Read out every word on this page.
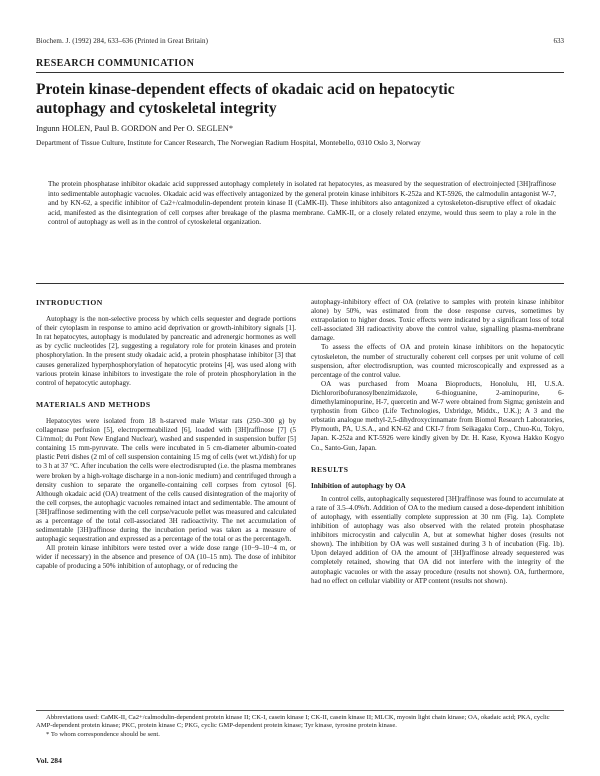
Biochem. J. (1992) 284, 633–636 (Printed in Great Britain)	633
RESEARCH COMMUNICATION
Protein kinase-dependent effects of okadaic acid on hepatocytic autophagy and cytoskeletal integrity
Ingunn HOLEN, Paul B. GORDON and Per O. SEGLEN*
Department of Tissue Culture, Institute for Cancer Research, The Norwegian Radium Hospital, Montebello, 0310 Oslo 3, Norway
The protein phosphatase inhibitor okadaic acid suppressed autophagy completely in isolated rat hepatocytes, as measured by the sequestration of electroinjected [3H]raffinose into sedimentable autophagic vacuoles. Okadaic acid was effectively antagonized by the general protein kinase inhibitors K-252a and KT-5926, the calmodulin antagonist W-7, and by KN-62, a specific inhibitor of Ca2+/calmodulin-dependent protein kinase II (CaMK-II). These inhibitors also antagonized a cytoskeleton-disruptive effect of okadaic acid, manifested as the disintegration of cell corpses after breakage of the plasma membrane. CaMK-II, or a closely related enzyme, would thus seem to play a role in the control of autophagy as well as in the control of cytoskeletal organization.
INTRODUCTION

Autophagy is the non-selective process by which cells sequester and degrade portions of their cytoplasm in response to amino acid deprivation or growth-inhibitory signals [1]. In rat hepatocytes, autophagy is modulated by pancreatic and adrenergic hormones as well as by cyclic nucleotides [2], suggesting a regulatory role for protein kinases and protein phosphorylation. In the present study okadaic acid, a protein phosphatase inhibitor [3] that causes generalized hyperphosphorylation of hepatocytic proteins [4], was used along with various protein kinase inhibitors to investigate the role of protein phosphorylation in the control of hepatocytic autophagy.

MATERIALS AND METHODS

Hepatocytes were isolated from 18 h-starved male Wistar rats (250–300 g) by collagenase perfusion [5], electropermeabilized [6], loaded with [3H]raffinose [7] (5 Ci/mmol; du Pont New England Nuclear), washed and suspended in suspension buffer [5] containing 15 mm-pyruvate. The cells were incubated in 5 cm-diameter albumin-coated plastic Petri dishes (2 ml of cell suspension containing 15 mg of cells (wet wt.)/dish) for up to 3 h at 37 °C. After incubation the cells were electrodisrupted (i.e. the plasma membranes were broken by a high-voltage discharge in a non-ionic medium) and centrifuged through a density cushion to separate the organelle-containing cell corpses from cytosol [6]. Although okadaic acid (OA) treatment of the cells caused disintegration of the majority of the cell corpses, the autophagic vacuoles remained intact and sedimentable. The amount of [3H]raffinose sedimenting with the cell corpse/vacuole pellet was measured and calculated as a percentage of the total cell-associated 3H radioactivity. The net accumulation of sedimentable [3H]raffinose during the incubation period was taken as a measure of autophagic sequestration and expressed as a percentage of the total or as the percentage/h.

All protein kinase inhibitors were tested over a wide dose range (10−9–10−4 m, or wider if necessary) in the absence and presence of OA (10–15 nm). The dose of inhibitor capable of producing a 50% inhibition of autophagy, or of reducing the

autophagy-inhibitory effect of OA (relative to samples with protein kinase inhibitor alone) by 50%, was estimated from the dose response curves, sometimes by extrapolation to higher doses. Toxic effects were indicated by a significant loss of total cell-associated 3H radioactivity above the control value, signalling plasma-membrane damage.

To assess the effects of OA and protein kinase inhibitors on the hepatocytic cytoskeleton, the number of structurally coherent cell corpses per unit volume of cell suspension, after electrodisruption, was counted microscopically and expressed as a percentage of the control value.

OA was purchased from Moana Bioproducts, Honolulu, HI, U.S.A. Dichlororibofuranosylbenzimidazole, 6-thioguanine, 2-aminopurine, 6-dimethylaminopurine, H-7, quercetin and W-7 were obtained from Sigma; genistein and tyrphostin from Gibco (Life Technologies, Uxbridge, Middx., U.K.); A 3 and the erbstatin analogue methyl-2,5-dihydroxycinnamate from Biomol Research Laboratories, Plymouth, PA, U.S.A., and KN-62 and CKI-7 from Seikagaku Corp., Chuo-Ku, Tokyo, Japan. K-252a and KT-5926 were kindly given by Dr. H. Kase, Kyowa Hakko Kogyo Co., Santo-Gun, Japan.

RESULTS
Inhibition of autophagy by OA

In control cells, autophagically sequestered [3H]raffinose was found to accumulate at a rate of 3.5–4.0%/h. Addition of OA to the medium caused a dose-dependent inhibition of autophagy, with essentially complete suppression at 30 nm (Fig. 1a). Complete inhibition of autophagy was also observed with the related protein phosphatase inhibitors microcystin and calyculin A, but at somewhat higher doses (results not shown). The inhibition by OA was well sustained during 3 h of incubation (Fig. 1b). Upon delayed addition of OA the amount of [3H]raffinose already sequestered was completely retained, showing that OA did not interfere with the integrity of the autophagic vacuoles or with the assay procedure (results not shown). OA, furthermore, had no effect on cellular viability or ATP content (results not shown).

Abbreviations used: CaMK-II, Ca2+/calmodulin-dependent protein kinase II; CK-I, casein kinase I; CK-II, casein kinase II; MLCK, myosin light chain kinase; OA, okadaic acid; PKA, cyclic AMP-dependent protein kinase; PKC, protein kinase C; PKG, cyclic GMP-dependent protein kinase; Tyr kinase, tyrosine protein kinase.

* To whom correspondence should be sent.

Vol. 284
